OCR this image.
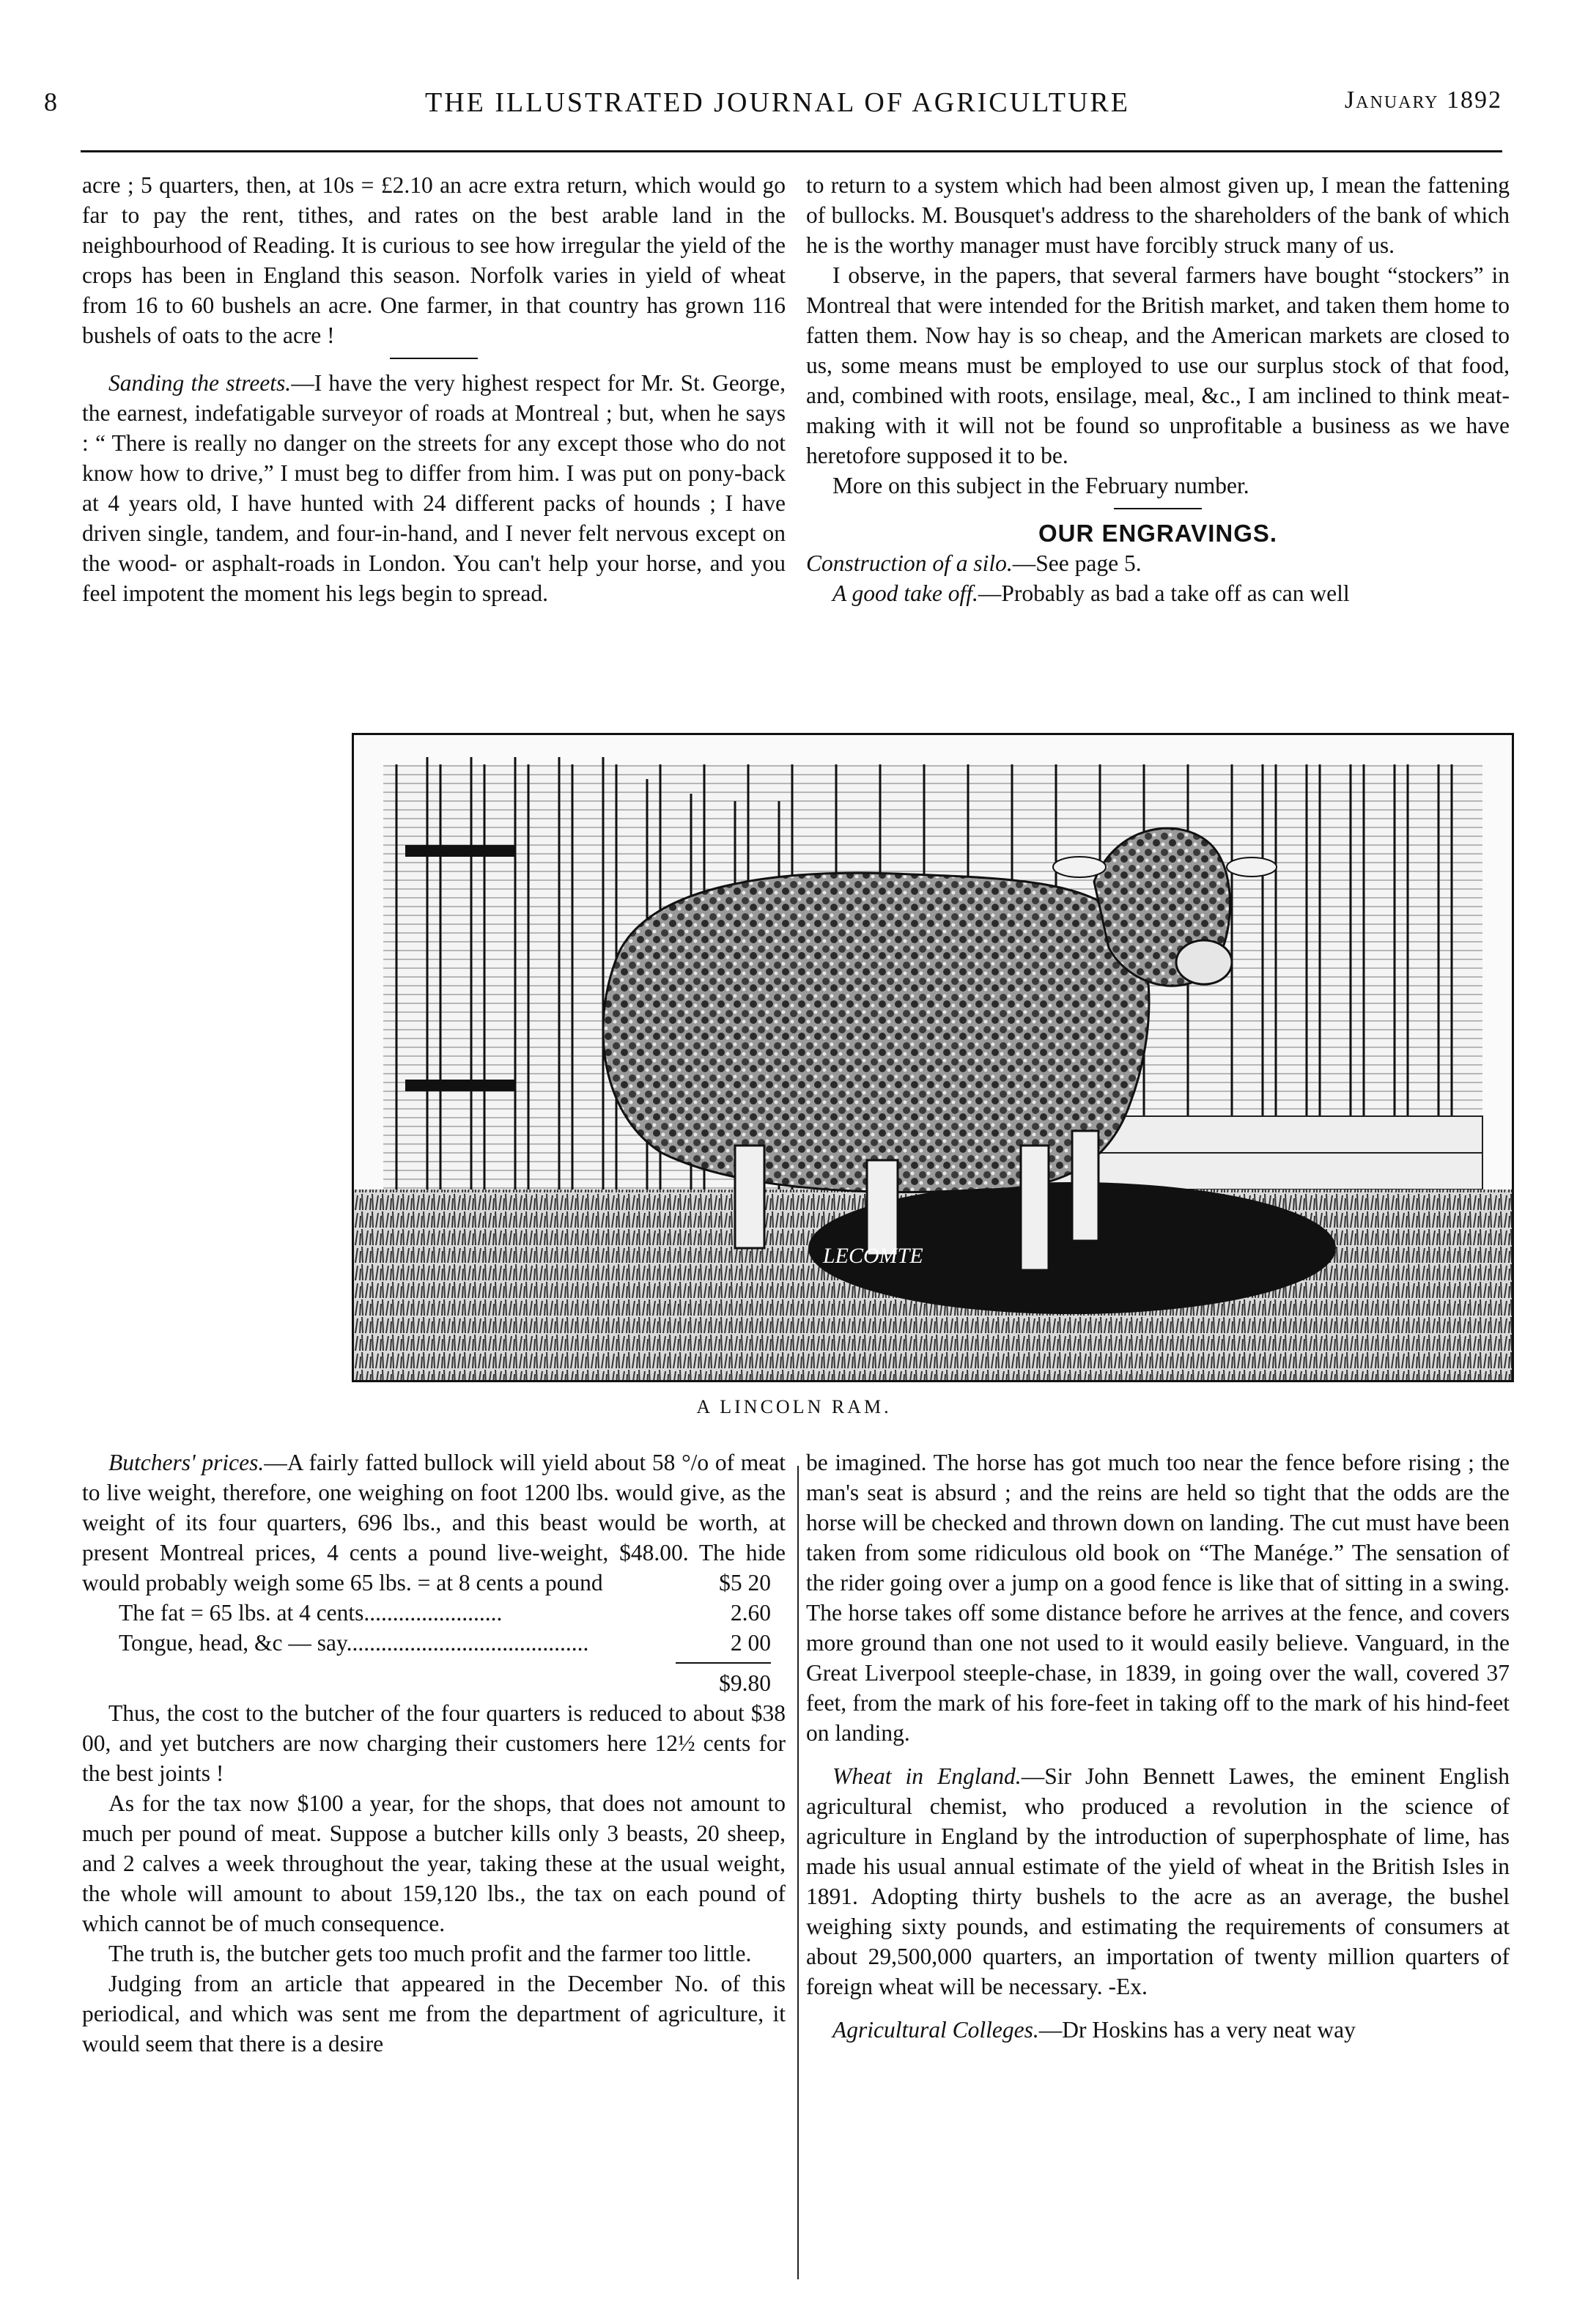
8	THE ILLUSTRATED JOURNAL OF AGRICULTURE	January 1892

acre ; 5 quarters, then, at 10s = £2.10 an acre extra return, which would go far to pay the rent, tithes, and rates on the best arable land in the neighbourhood of Reading. It is curious to see how irregular the yield of the crops has been in England this season. Norfolk varies in yield of wheat from 16 to 60 bushels an acre. One farmer, in that country has grown 116 bushels of oats to the acre !

Sanding the streets.—I have the very highest respect for Mr. St. George, the earnest, indefatigable surveyor of roads at Montreal ; but, when he says : “ There is really no danger on the streets for any except those who do not know how to drive,” I must beg to differ from him. I was put on pony-back at 4 years old, I have hunted with 24 different packs of hounds ; I have driven single, tandem, and four-in-hand, and I never felt nervous except on the wood- or asphalt-roads in London. You can't help your horse, and you feel impotent the moment his legs begin to spread.

to return to a system which had been almost given up, I mean the fattening of bullocks. M. Bousquet's address to the shareholders of the bank of which he is the worthy manager must have forcibly struck many of us.

I observe, in the papers, that several farmers have bought “stockers” in Montreal that were intended for the British market, and taken them home to fatten them. Now hay is so cheap, and the American markets are closed to us, some means must be employed to use our surplus stock of that food, and, combined with roots, ensilage, meal, &c., I am inclined to think meat-making with it will not be found so unprofitable a business as we have heretofore supposed it to be.

More on this subject in the February number.

OUR ENGRAVINGS.

Construction of a silo.—See page 5.

A good take off.—Probably as bad a take off as can well

LECOMTE
A LINCOLN RAM.

Butchers' prices.—A fairly fatted bullock will yield about 58 °/o of meat to live weight, therefore, one weighing on foot 1200 lbs. would give, as the weight of its four quarters, 696 lbs., and this beast would be worth, at present Montreal prices, 4 cents a pound live-weight, $48.00. The hide would probably weigh some 65 lbs. = at 8 cents a pound	$5 20

The fat = 65 lbs. at 4 cents........................	2.60
Tongue, head, &c — say..........................................	2 00
$9.80

Thus, the cost to the butcher of the four quarters is reduced to about $38 00, and yet butchers are now charging their customers here 12½ cents for the best joints !

As for the tax now $100 a year, for the shops, that does not amount to much per pound of meat. Suppose a butcher kills only 3 beasts, 20 sheep, and 2 calves a week throughout the year, taking these at the usual weight, the whole will amount to about 159,120 lbs., the tax on each pound of which cannot be of much consequence.

The truth is, the butcher gets too much profit and the farmer too little.

Judging from an article that appeared in the December No. of this periodical, and which was sent me from the department of agriculture, it would seem that there is a desire

be imagined. The horse has got much too near the fence before rising ; the man's seat is absurd ; and the reins are held so tight that the odds are the horse will be checked and thrown down on landing. The cut must have been taken from some ridiculous old book on “The Manége.” The sensation of the rider going over a jump on a good fence is like that of sitting in a swing. The horse takes off some distance before he arrives at the fence, and covers more ground than one not used to it would easily believe. Vanguard, in the Great Liverpool steeple-chase, in 1839, in going over the wall, covered 37 feet, from the mark of his fore-feet in taking off to the mark of his hind-feet on landing.

Wheat in England.—Sir John Bennett Lawes, the eminent English agricultural chemist, who produced a revolution in the science of agriculture in England by the introduction of superphosphate of lime, has made his usual annual estimate of the yield of wheat in the British Isles in 1891. Adopting thirty bushels to the acre as an average, the bushel weighing sixty pounds, and estimating the requirements of consumers at about 29,500,000 quarters, an importation of twenty million quarters of foreign wheat will be necessary. -Ex.

Agricultural Colleges.—Dr Hoskins has a very neat way
